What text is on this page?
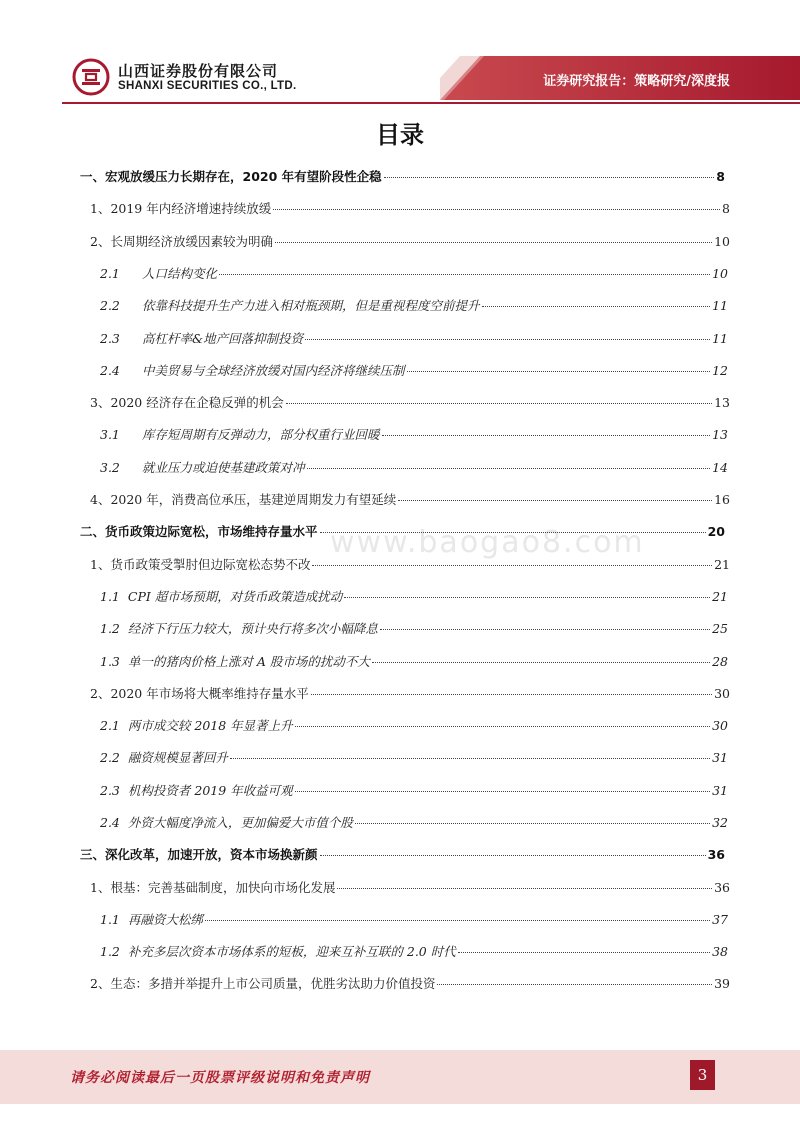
山西证券股份有限公司
SHANXI SECURITIES CO., LTD.	证券研究报告：策略研究/深度报
www.baogao8.com
目录
一、宏观放缓压力长期存在，2020 年有望阶段性企稳	8
1、2019 年内经济增速持续放缓	8
2、长周期经济放缓因素较为明确	10
2.1	人口结构变化	10
2.2	依靠科技提升生产力进入相对瓶颈期，但是重视程度空前提升	11
2.3	高杠杆率&地产回落抑制投资	11
2.4	中美贸易与全球经济放缓对国内经济将继续压制	12
3、2020 经济存在企稳反弹的机会	13
3.1	库存短周期有反弹动力，部分权重行业回暖	13
3.2	就业压力或迫使基建政策对冲	14
4、2020 年，消费高位承压，基建逆周期发力有望延续	16
二、货币政策边际宽松，市场维持存量水平	20
1、货币政策受掣肘但边际宽松态势不改	21
1.1 CPI 超市场预期，对货币政策造成扰动	21
1.2 经济下行压力较大，预计央行将多次小幅降息	25
1.3 单一的猪肉价格上涨对 A 股市场的扰动不大	28
2、2020 年市场将大概率维持存量水平	30
2.1 两市成交较 2018 年显著上升	30
2.2 融资规模显著回升	31
2.3 机构投资者 2019 年收益可观	31
2.4 外资大幅度净流入，更加偏爱大市值个股	32
三、深化改革，加速开放，资本市场换新颜	36
1、根基：完善基础制度，加快向市场化发展	36
1.1 再融资大松绑	37
1.2 补充多层次资本市场体系的短板，迎来互补互联的 2.0 时代	38
2、生态：多措并举提升上市公司质量，优胜劣汰助力价值投资	39
请务必阅读最后一页股票评级说明和免责声明	3
